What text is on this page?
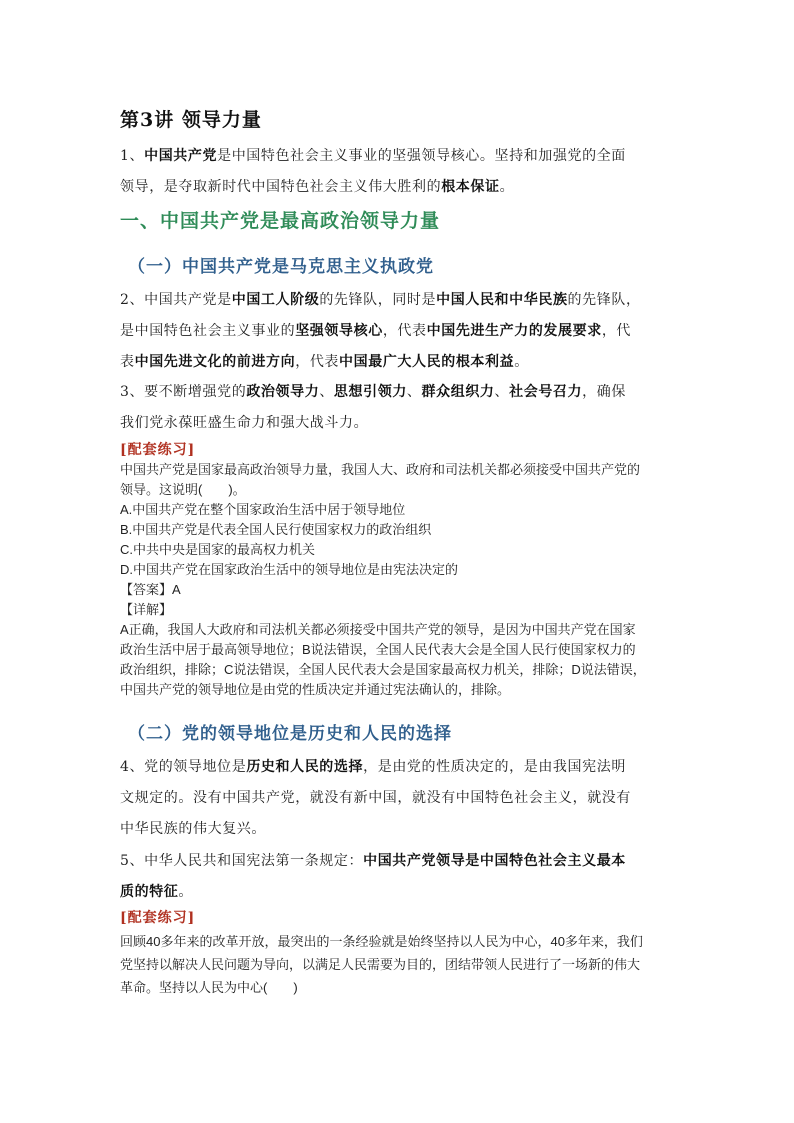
第3讲 领导力量
1、中国共产党是中国特色社会主义事业的坚强领导核心。坚持和加强党的全面
领导，是夺取新时代中国特色社会主义伟大胜利的根本保证。
一、中国共产党是最高政治领导力量
（一）中国共产党是马克思主义执政党
2、中国共产党是中国工人阶级的先锋队，同时是中国人民和中华民族的先锋队，
是中国特色社会主义事业的坚强领导核心，代表中国先进生产力的发展要求，代
表中国先进文化的前进方向，代表中国最广大人民的根本利益。
3、要不断增强党的政治领导力、思想引领力、群众组织力、社会号召力，确保
我们党永葆旺盛生命力和强大战斗力。
[配套练习]
中国共产党是国家最高政治领导力量，我国人大、政府和司法机关都必须接受中国共产党的
领导。这说明(　　)。
A.中国共产党在整个国家政治生活中居于领导地位
B.中国共产党是代表全国人民行使国家权力的政治组织
C.中共中央是国家的最高权力机关
D.中国共产党在国家政治生活中的领导地位是由宪法决定的
【答案】A
【详解】
A正确，我国人大政府和司法机关都必须接受中国共产党的领导，是因为中国共产党在国家
政治生活中居于最高领导地位；B说法错误，全国人民代表大会是全国人民行使国家权力的
政治组织，排除；C说法错误，全国人民代表大会是国家最高权力机关，排除；D说法错误，
中国共产党的领导地位是由党的性质决定并通过宪法确认的，排除。
（二）党的领导地位是历史和人民的选择
4、党的领导地位是历史和人民的选择，是由党的性质决定的，是由我国宪法明
文规定的。没有中国共产党，就没有新中国，就没有中国特色社会主义，就没有
中华民族的伟大复兴。
5、中华人民共和国宪法第一条规定：中国共产党领导是中国特色社会主义最本
质的特征。
[配套练习]
回顾40多年来的改革开放，最突出的一条经验就是始终坚持以人民为中心，40多年来，我们
党坚持以解决人民问题为导向，以满足人民需要为目的，团结带领人民进行了一场新的伟大
革命。坚持以人民为中心(　　)
